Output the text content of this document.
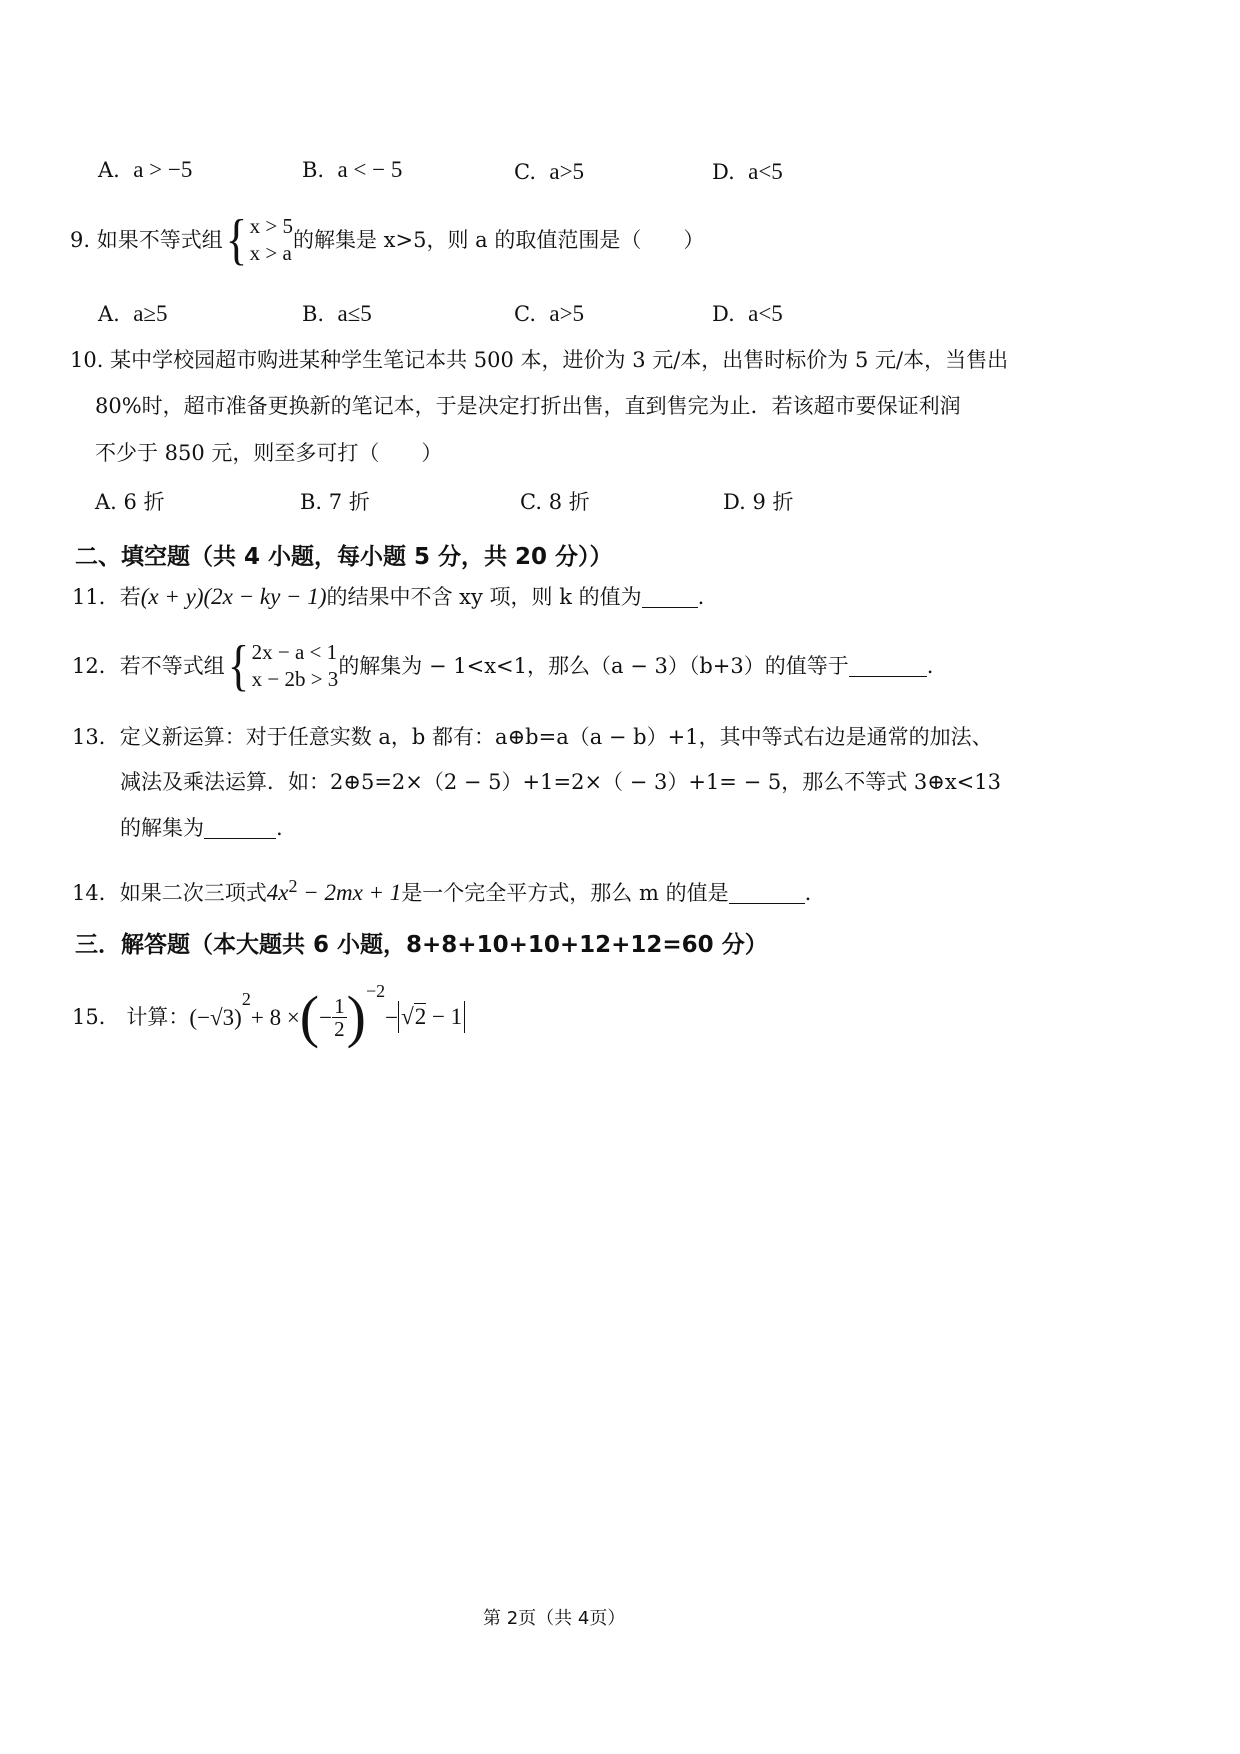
A. a > −5	B. a < − 5	C. a>5	D. a<5
9.
如果不等式组 { x > 5
x > a
的解集是 x>5，则 a 的取值范围是（　　）
A. a≥5	B. a≤5	C. a>5	D. a<5
10. 某中学校园超市购进某种学生笔记本共 500 本，进价为 3 元/本，出售时标价为 5 元/本，当售出
80%时，超市准备更换新的笔记本，于是决定打折出售，直到售完为止．若该超市要保证利润
不少于 850 元，则至多可打（　　）
A. 6 折	B. 7 折	C. 8 折	D. 9 折
二、填空题（共 4 小题，每小题 5 分，共 20 分））
11．若(x + y)(2x − ky − 1)的结果中不含 xy 项，则 k 的值为	.
12． 若不等式组 { 2x − a < 1
x − 2b > 3
的解集为 − 1<x<1，那么（a − 3）（b+3）的值等于	.
13．定义新运算：对于任意实数 a，b 都有：a⊕b=a（a − b）+1，其中等式右边是通常的加法、
减法及乘法运算．如：2⊕5=2×（2 − 5）+1=2×（ − 3）+1= − 5，那么不等式 3⊕x<13
的解集为	.
14．如果二次三项式4x2 − 2mx + 1是一个完全平方式，那么 m 的值是	.
三．解答题（本大题共 6 小题，8+8+10+10+12+12=60 分）
15．
计算： (−√3)
2
+ 8 × ( − $\frac{1}{2}$ ) −2
− √2 − 1
第 2页（共 4页）
